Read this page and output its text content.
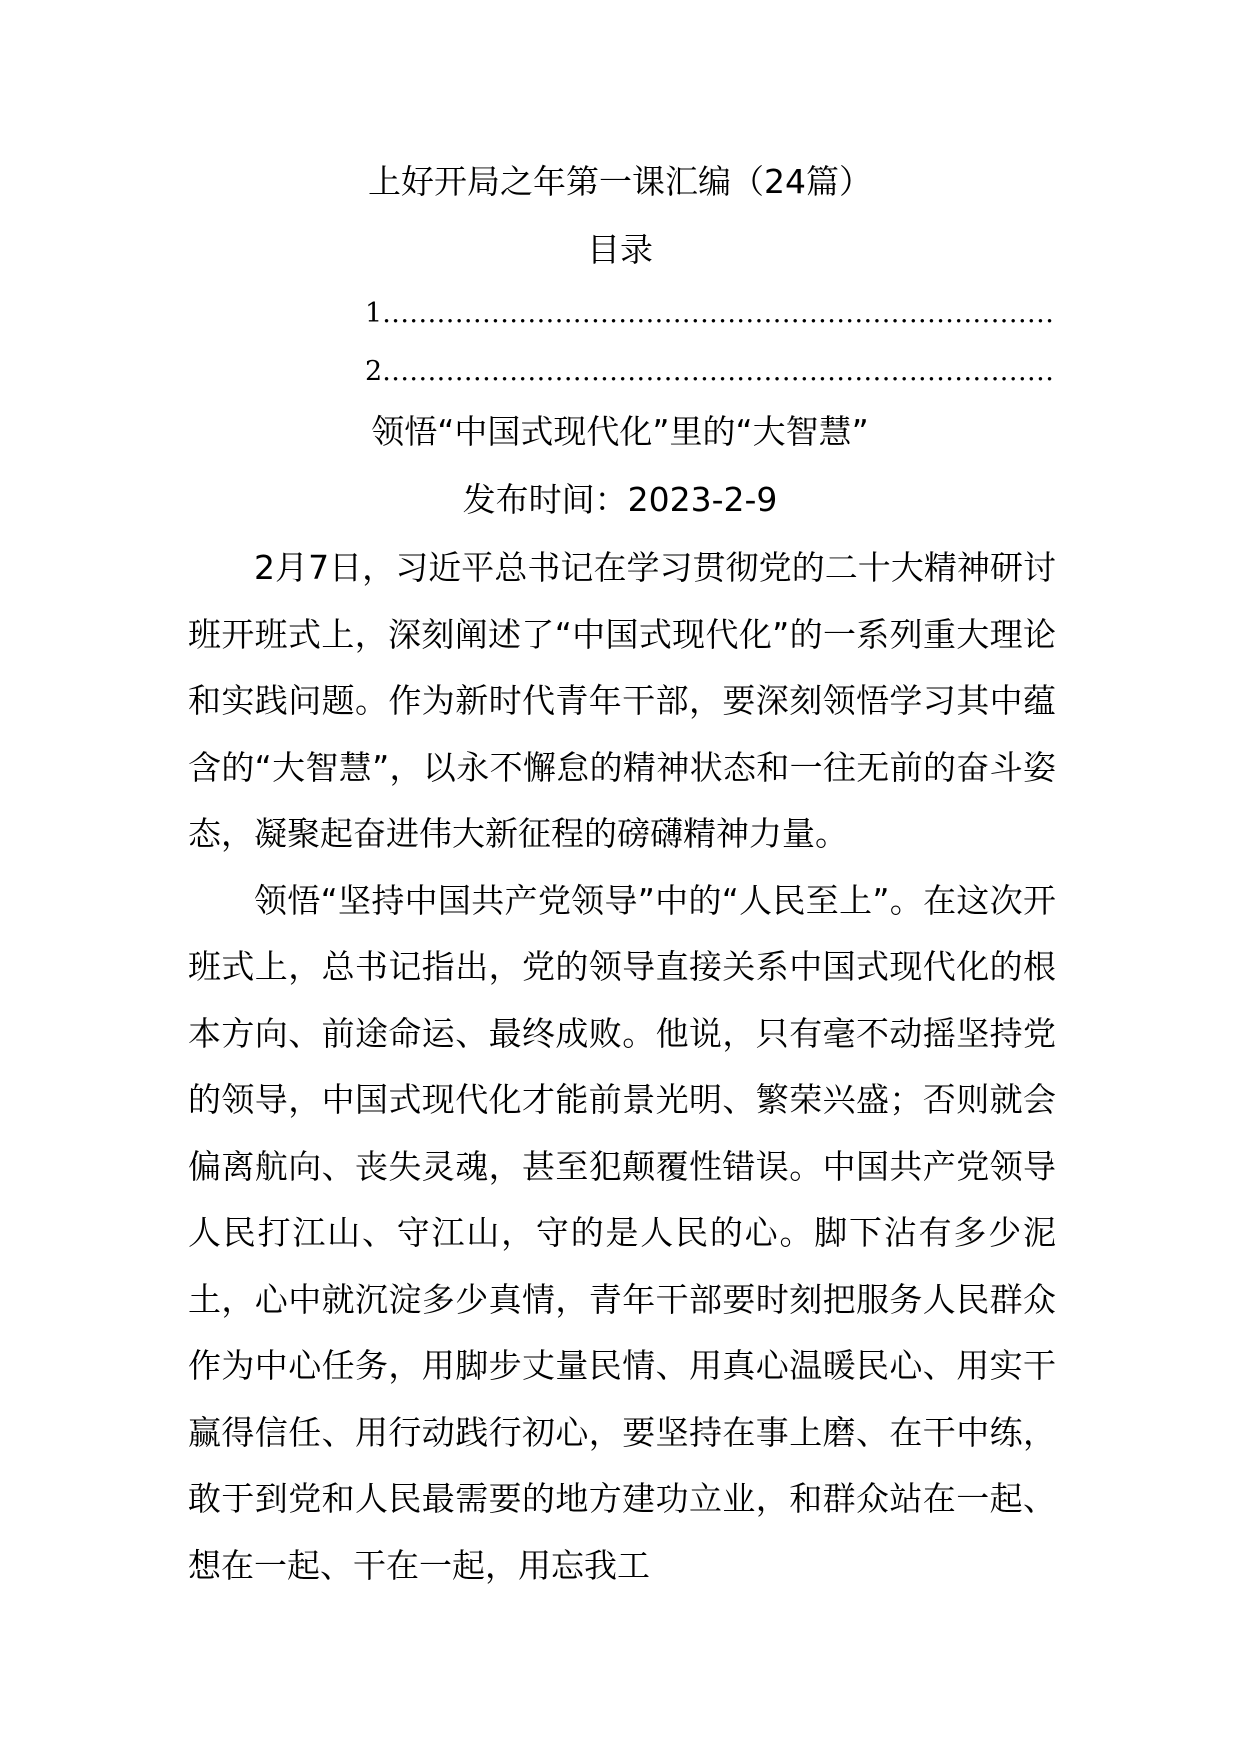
上好开局之年第一课汇编（24篇）
目录
1
.....
2
.....
领悟“中国式现代化”里的“大智慧”
发布时间：2023-2-9

2月7日，习近平总书记在学习贯彻党的二十大精神研讨班开班式上，深刻阐述了“中国式现代化”的一系列重大理论和实践问题。作为新时代青年干部，要深刻领悟学习其中蕴含的“大智慧”，以永不懈怠的精神状态和一往无前的奋斗姿态，凝聚起奋进伟大新征程的磅礴精神力量。

领悟“坚持中国共产党领导”中的“人民至上”。在这次开班式上，总书记指出，党的领导直接关系中国式现代化的根本方向、前途命运、最终成败。他说，只有毫不动摇坚持党的领导，中国式现代化才能前景光明、繁荣兴盛；否则就会偏离航向、丧失灵魂，甚至犯颠覆性错误。中国共产党领导人民打江山、守江山，守的是人民的心。脚下沾有多少泥土，心中就沉淀多少真情，青年干部要时刻把服务人民群众作为中心任务，用脚步丈量民情、用真心温暖民心、用实干赢得信任、用行动践行初心，要坚持在事上磨、在干中练，敢于到党和人民最需要的地方建功立业，和群众站在一起、想在一起、干在一起，用忘我工
